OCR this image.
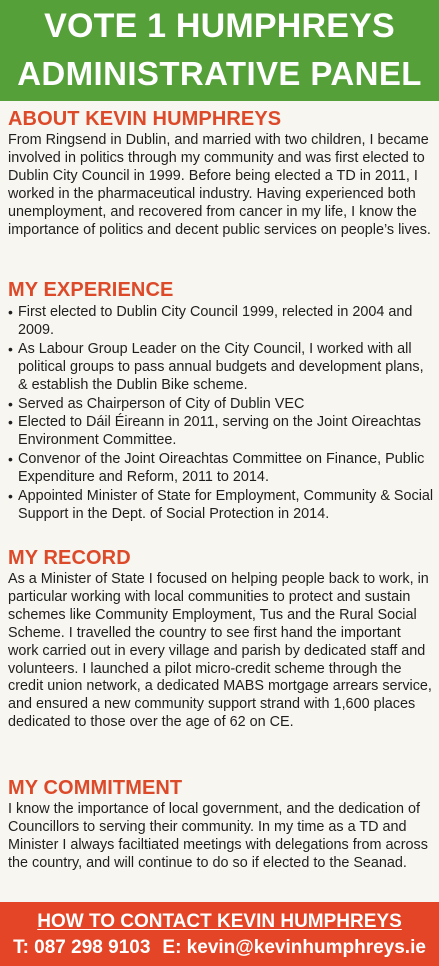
VOTE 1 HUMPHREYS
ADMINISTRATIVE PANEL
ABOUT KEVIN HUMPHREYS

From Ringsend in Dublin, and married with two children, I became involved in politics through my community and was first elected to Dublin City Council in 1999. Before being elected a TD in 2011, I worked in the pharmaceutical industry. Having experienced both unemployment, and recovered from cancer in my life, I know the importance of politics and decent public services on people’s lives.

MY EXPERIENCE
• First elected to Dublin City Council 1999, relected in 2004 and 2009.
• As Labour Group Leader on the City Council, I worked with all political groups to pass annual budgets and development plans, & establish the Dublin Bike scheme.
• Served as Chairperson of City of Dublin VEC
• Elected to Dáil Éireann in 2011, serving on the Joint Oireachtas Environment Committee.
• Convenor of the Joint Oireachtas Committee on Finance, Public Expenditure and Reform, 2011 to 2014.
• Appointed Minister of State for Employment, Community & Social Support in the Dept. of Social Protection in 2014.
MY RECORD

As a Minister of State I focused on helping people back to work, in particular working with local communities to protect and sustain schemes like Community Employment, Tus and the Rural Social Scheme. I travelled the country to see first hand the important work carried out in every village and parish by dedicated staff and volunteers. I launched a pilot micro-credit scheme through the credit union network, a dedicated MABS mortgage arrears service, and ensured a new community support strand with 1,600 places dedicated to those over the age of 62 on CE.

MY COMMITMENT

I know the importance of local government, and the dedication of Councillors to serving their community. In my time as a TD and Minister I always faciltiated meetings with delegations from across the country, and will continue to do so if elected to the Seanad.

HOW TO CONTACT KEVIN HUMPHREYS
T: 087 298 9103 E: kevin@kevinhumphreys.ie
